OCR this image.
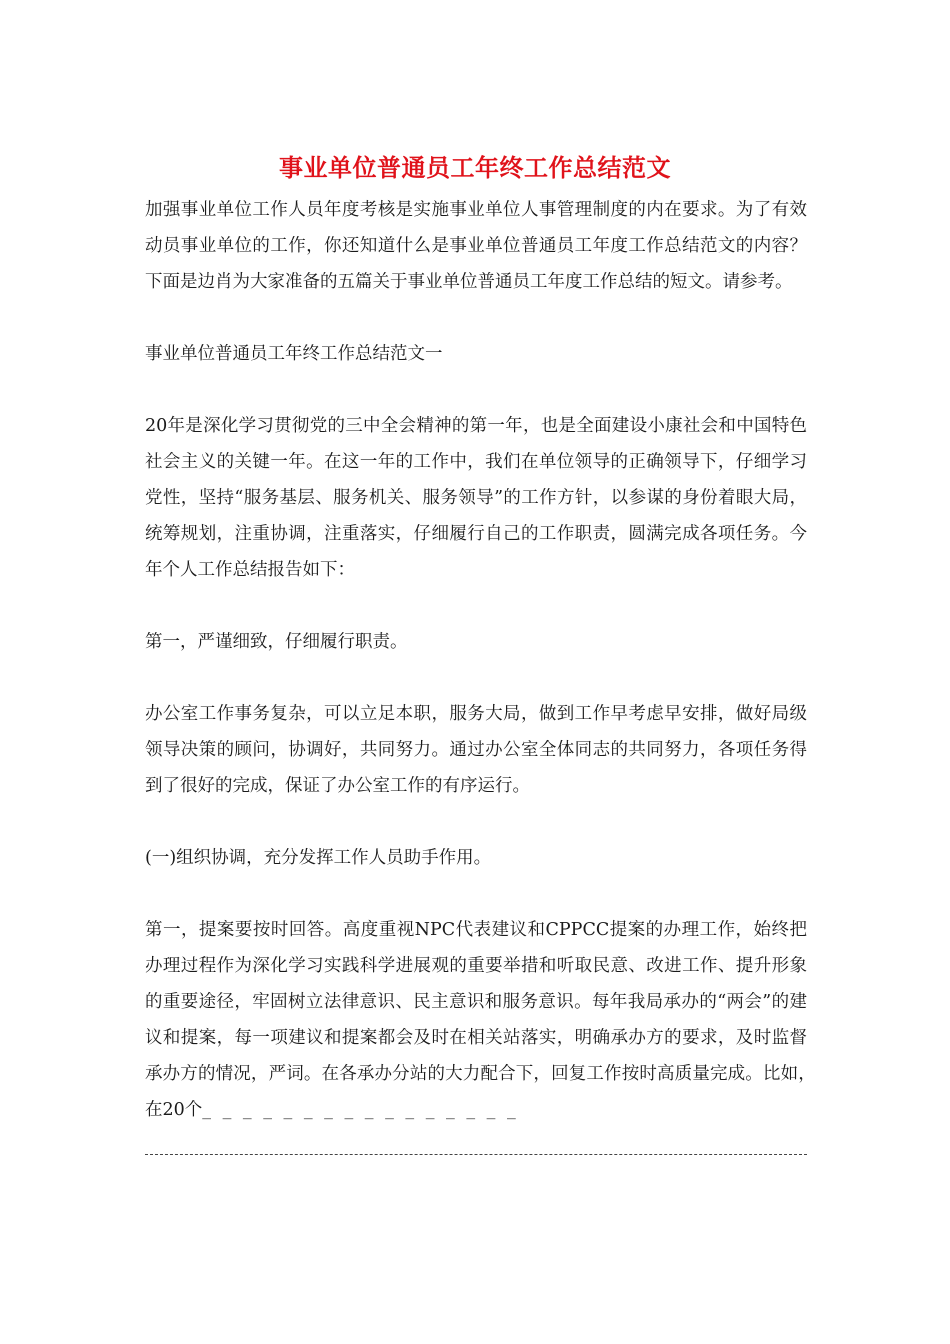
事业单位普通员工年终工作总结范文

加强事业单位工作人员年度考核是实施事业单位人事管理制度的内在要求。为了有效动员事业单位的工作，你还知道什么是事业单位普通员工年度工作总结范文的内容？下面是边肖为大家准备的五篇关于事业单位普通员工年度工作总结的短文。请参考。

事业单位普通员工年终工作总结范文一

20年是深化学习贯彻党的三中全会精神的第一年，也是全面建设小康社会和中国特色社会主义的关键一年。在这一年的工作中，我们在单位领导的正确领导下，仔细学习党性，坚持“服务基层、服务机关、服务领导”的工作方针，以参谋的身份着眼大局，统筹规划，注重协调，注重落实，仔细履行自己的工作职责，圆满完成各项任务。今年个人工作总结报告如下：

第一，严谨细致，仔细履行职责。

办公室工作事务复杂，可以立足本职，服务大局，做到工作早考虑早安排，做好局级领导决策的顾问，协调好，共同努力。通过办公室全体同志的共同努力，各项任务得到了很好的完成，保证了办公室工作的有序运行。

(一)组织协调，充分发挥工作人员助手作用。

第一，提案要按时回答。高度重视NPC代表建议和CPPCC提案的办理工作，始终把办理过程作为深化学习实践科学进展观的重要举措和听取民意、改进工作、提升形象的重要途径，牢固树立法律意识、民主意识和服务意识。每年我局承办的“两会”的建议和提案，每一项建议和提案都会及时在相关站落实，明确承办方的要求，及时监督承办方的情况，严词。在各承办分站的大力配合下，回复工作按时高质量完成。比如，　在20个_ _ _ _ _ _ _ _ _ _ _ _ _ _ _ _
